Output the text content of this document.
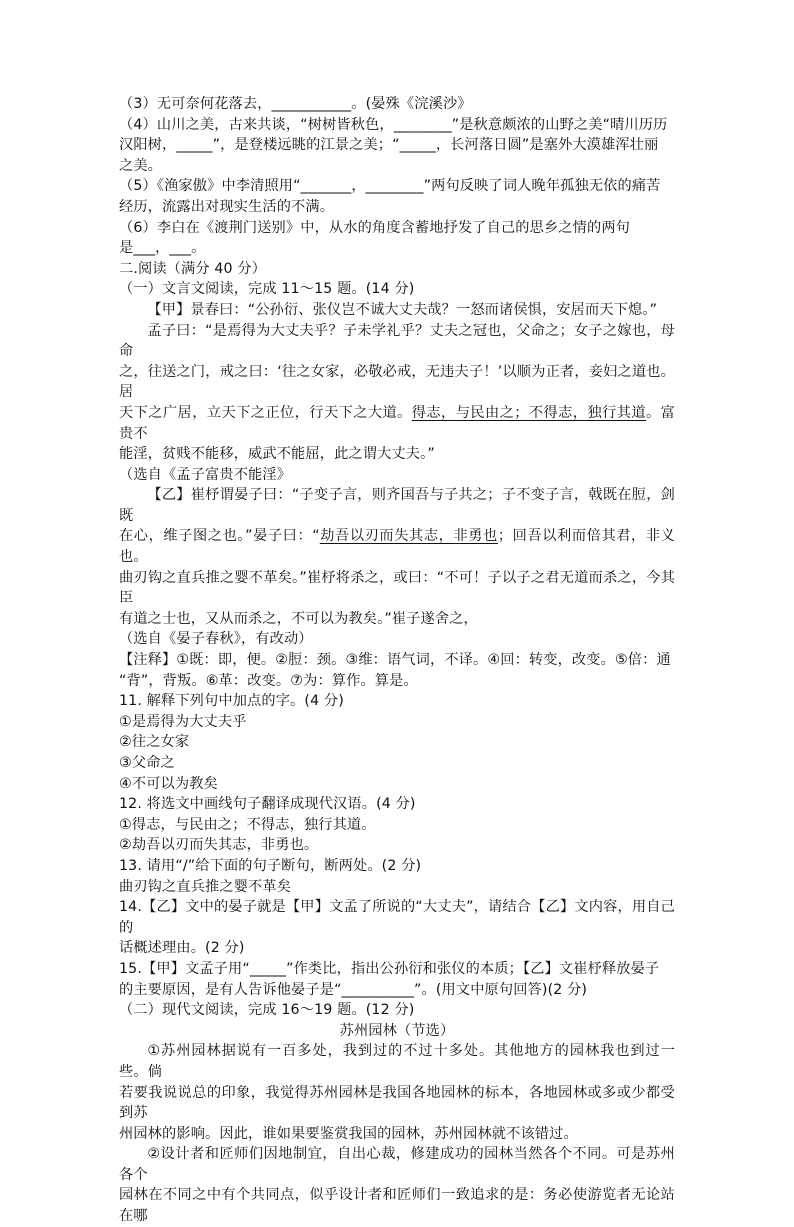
（3）无可奈何花落去，___________。(晏殊《浣溪沙》

（4）山川之美，古来共谈，“树树皆秋色，________”是秋意颇浓的山野之美“晴川历历

汉阳树，_____”，是登楼远眺的江景之美；“_____，长河落日圆”是塞外大漠雄浑壮丽

之美。

（5）《渔家傲》中李清照用“_______，________”两句反映了词人晚年孤独无依的痛苦

经历，流露出对现实生活的不满。

（6）李白在《渡荆门送别》中，从水的角度含蓄地抒发了自己的思乡之情的两句

是___，___。

二.阅读（满分 40 分）

（一）文言文阅读，完成 11～15 题。(14 分)

【甲】景春曰：“公孙衍、张仪岂不诚大丈夫哉？一怒而诸侯惧，安居而天下熄。”

孟子曰：“是焉得为大丈夫乎？子未学礼乎？丈夫之冠也，父命之；女子之嫁也，母命

之，往送之门，戒之曰：‘往之女家，必敬必戒，无违夫子！’以顺为正者，妾妇之道也。居

天下之广居，立天下之正位，行天下之大道。得志，与民由之；不得志，独行其道。富贵不

能淫，贫贱不能移，威武不能屈，此之谓大丈夫。”

（选自《孟子富贵不能淫》

【乙】崔杼谓晏子曰：“子变子言，则齐国吾与子共之；子不变子言，戟既在脰，剑既

在心，维子图之也。”晏子曰：“劫吾以刃而失其志，非勇也；回吾以利而倍其君，非义也。

曲刃钩之直兵推之婴不革矣。”崔杼将杀之，或曰：“不可！子以子之君无道而杀之，今其臣

有道之士也，又从而杀之，不可以为教矣。”崔子遂舍之，

（选自《晏子春秋》，有改动）

【注释】①既：即，便。②脰：颈。③维：语气词，不译。④回：转变，改变。⑤倍：通

“背”，背叛。⑥革：改变。⑦为：算作。算是。

11. 解释下列句中加点的字。(4 分)

①是焉得为大丈夫乎

②往之女家

③父命之

④不可以为教矣

12. 将选文中画线句子翻译成现代汉语。(4 分)

①得志，与民由之；不得志，独行其道。

②劫吾以刃而失其志，非勇也。

13. 请用“/”给下面的句子断句，断两处。(2 分)

曲刃钩之直兵推之婴不革矣

14.【乙】文中的晏子就是【甲】文孟了所说的“大丈夫”，请结合【乙】文内容，用自己的

话概述理由。(2 分)

15.【甲】文孟子用“_____”作类比，指出公孙衍和张仪的本质；【乙】文崔杼释放晏子

的主要原因，是有人告诉他晏子是“__________”。(用文中原句回答)(2 分)

（二）现代文阅读，完成 16～19 题。(12 分)

苏州园林（节选）

①苏州园林据说有一百多处，我到过的不过十多处。其他地方的园林我也到过一些。倘

若要我说说总的印象，我觉得苏州园林是我国各地园林的标本，各地园林或多或少都受到苏

州园林的影响。因此，谁如果要鉴赏我国的园林，苏州园林就不该错过。

②设计者和匠师们因地制宜，自出心裁，修建成功的园林当然各个不同。可是苏州各个

园林在不同之中有个共同点，似乎设计者和匠师们一致追求的是：务必使游览者无论站在哪
